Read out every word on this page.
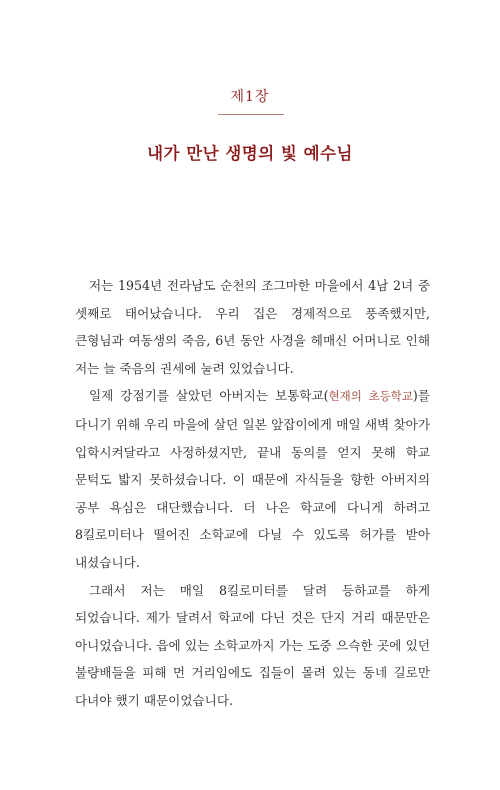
제1장
내가 만난 생명의 빛 예수님

저는 1954년 전라남도 순천의 조그마한 마을에서 4남 2녀 중 셋째로 태어났습니다. 우리 집은 경제적으로 풍족했지만, 큰형님과 여동생의 죽음, 6년 동안 사경을 헤매신 어머니로 인해 저는 늘 죽음의 권세에 눌려 있었습니다.

일제 강점기를 살았던 아버지는 보통학교(현재의 초등학교)를 다니기 위해 우리 마을에 살던 일본 앞잡이에게 매일 새벽 찾아가 입학시켜달라고 사정하셨지만, 끝내 동의를 얻지 못해 학교 문턱도 밟지 못하셨습니다. 이 때문에 자식들을 향한 아버지의 공부 욕심은 대단했습니다. 더 나은 학교에 다니게 하려고 8킬로미터나 떨어진 소학교에 다닐 수 있도록 허가를 받아 내셨습니다.

그래서 저는 매일 8킬로미터를 달려 등하교를 하게 되었습니다. 제가 달려서 학교에 다닌 것은 단지 거리 때문만은 아니었습니다. 읍에 있는 소학교까지 가는 도중 으슥한 곳에 있던 불량배들을 피해 먼 거리임에도 집들이 몰려 있는 동네 길로만 다녀야 했기 때문이었습니다.
